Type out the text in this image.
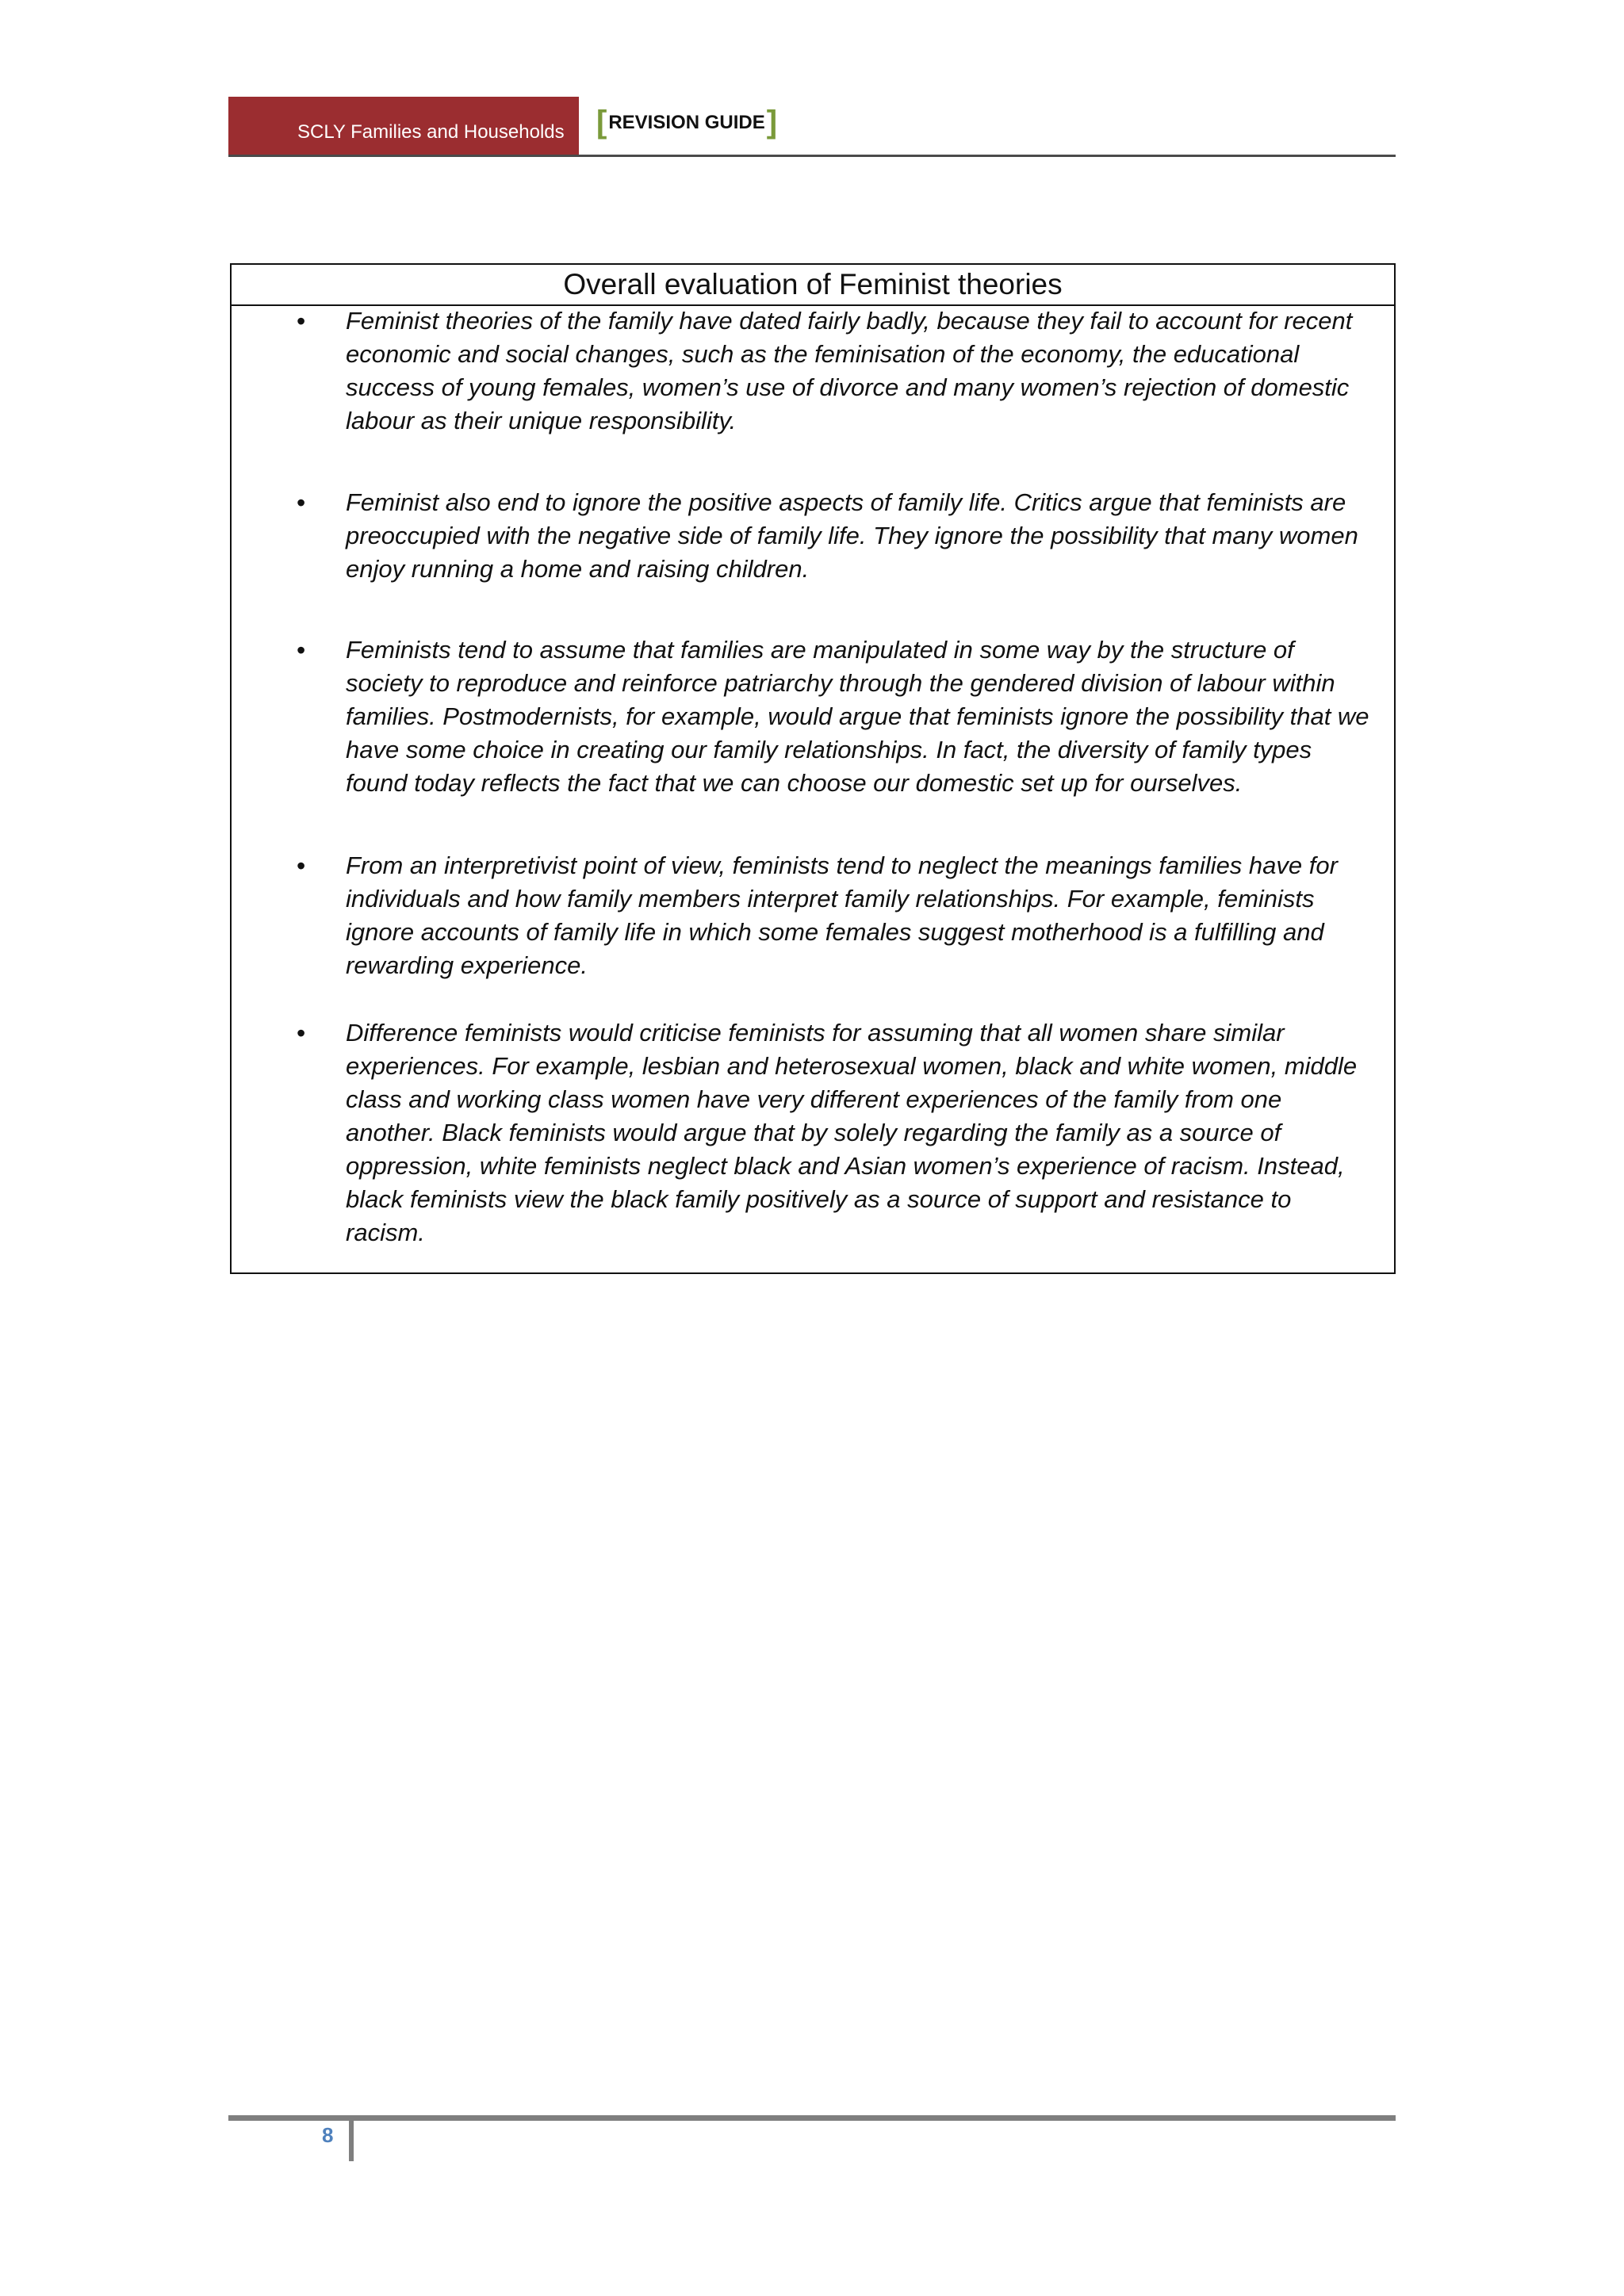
SCLY Families and Households	[REVISION GUIDE]
Overall evaluation of Feminist theories
• Feminist theories of the family have dated fairly badly, because they fail to account for recent economic and social changes, such as the feminisation of the economy, the educational success of young females, women’s use of divorce and many women’s rejection of domestic labour as their unique responsibility.
• Feminist also end to ignore the positive aspects of family life. Critics argue that feminists are preoccupied with the negative side of family life. They ignore the possibility that many women enjoy running a home and raising children.
• Feminists tend to assume that families are manipulated in some way by the structure of society to reproduce and reinforce patriarchy through the gendered division of labour within families. Postmodernists, for example, would argue that feminists ignore the possibility that we have some choice in creating our family relationships. In fact, the diversity of family types found today reflects the fact that we can choose our domestic set up for ourselves.
• From an interpretivist point of view, feminists tend to neglect the meanings families have for individuals and how family members interpret family relationships. For example, feminists ignore accounts of family life in which some females suggest motherhood is a fulfilling and rewarding experience.
• Difference feminists would criticise feminists for assuming that all women share similar experiences. For example, lesbian and heterosexual women, black and white women, middle class and working class women have very different experiences of the family from one another. Black feminists would argue that by solely regarding the family as a source of oppression, white feminists neglect black and Asian women’s experience of racism. Instead, black feminists view the black family positively as a source of support and resistance to racism.
8
